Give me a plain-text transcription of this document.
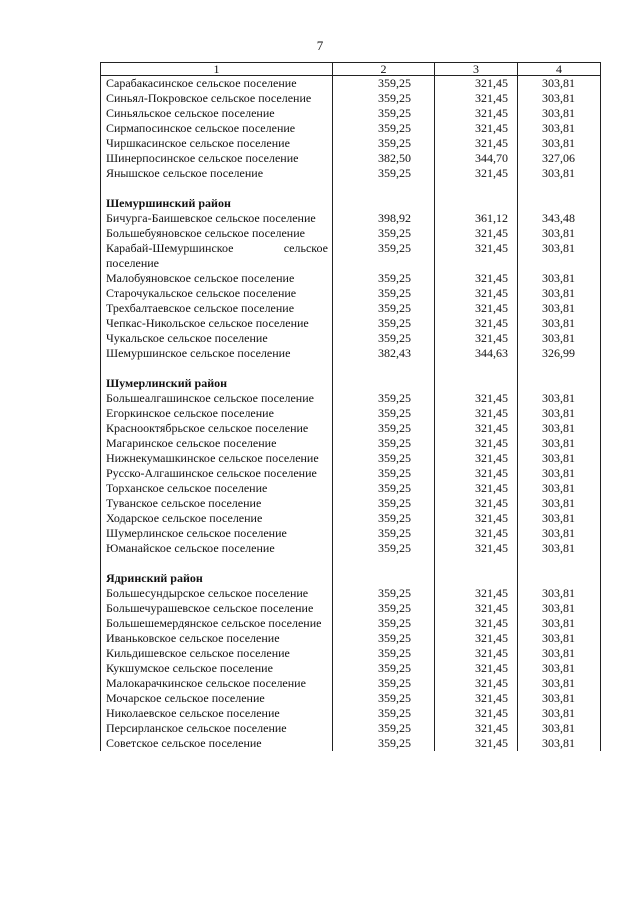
7
1	2	3	4
Сарабакасинское сельское поселение	359,25	321,45	303,81
Синьял-Покровское сельское поселение	359,25	321,45	303,81
Синьяльское сельское поселение	359,25	321,45	303,81
Сирмапосинское сельское поселение	359,25	321,45	303,81
Чиршкасинское сельское поселение	359,25	321,45	303,81
Шинерпосинское сельское поселение	382,50	344,70	327,06
Янышское сельское поселение	359,25	321,45	303,81

Шемуршинский район			
Бичурга-Баишевское сельское поселение	398,92	361,12	343,48
Большебуяновское сельское поселение	359,25	321,45	303,81
Карабай-Шемуршинское сельское поселение	359,25	321,45	303,81
Малобуяновское сельское поселение	359,25	321,45	303,81
Старочукальское сельское поселение	359,25	321,45	303,81
Трехбалтаевское сельское поселение	359,25	321,45	303,81
Чепкас-Никольское сельское поселение	359,25	321,45	303,81
Чукальское сельское поселение	359,25	321,45	303,81
Шемуршинское сельское поселение	382,43	344,63	326,99

Шумерлинский район			
Большеалгашинское сельское поселение	359,25	321,45	303,81
Егоркинское сельское поселение	359,25	321,45	303,81
Краснооктябрьское сельское поселение	359,25	321,45	303,81
Магаринское сельское поселение	359,25	321,45	303,81
Нижнекумашкинское сельское поселение	359,25	321,45	303,81
Русско-Алгашинское сельское поселение	359,25	321,45	303,81
Торханское сельское поселение	359,25	321,45	303,81
Туванское сельское поселение	359,25	321,45	303,81
Ходарское сельское поселение	359,25	321,45	303,81
Шумерлинское сельское поселение	359,25	321,45	303,81
Юманайское сельское поселение	359,25	321,45	303,81

Ядринский район			
Большесундырское сельское поселение	359,25	321,45	303,81
Большечурашевское сельское поселение	359,25	321,45	303,81
Большешемердянское сельское поселение	359,25	321,45	303,81
Иваньковское сельское поселение	359,25	321,45	303,81
Кильдишевское сельское поселение	359,25	321,45	303,81
Кукшумское сельское поселение	359,25	321,45	303,81
Малокарачкинское сельское поселение	359,25	321,45	303,81
Мочарское сельское поселение	359,25	321,45	303,81
Николаевское сельское поселение	359,25	321,45	303,81
Персирланское сельское поселение	359,25	321,45	303,81
Советское сельское поселение	359,25	321,45	303,81
